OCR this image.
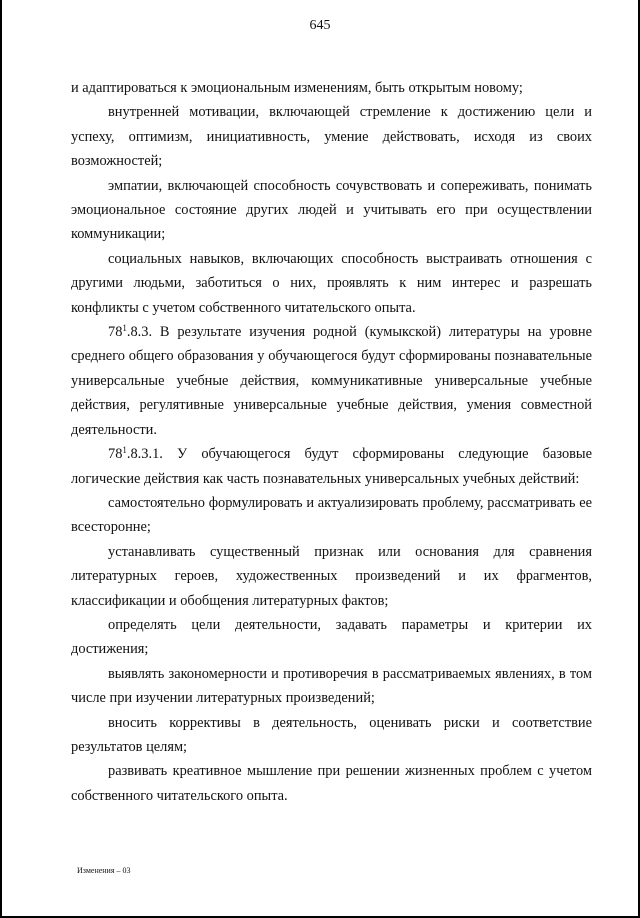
645

и адаптироваться к эмоциональным изменениям, быть открытым новому;

внутренней мотивации, включающей стремление к достижению цели и успеху, оптимизм, инициативность, умение действовать, исходя из своих возможностей;

эмпатии, включающей способность сочувствовать и сопереживать, понимать эмоциональное состояние других людей и учитывать его при осуществлении коммуникации;

социальных навыков, включающих способность выстраивать отношения с другими людьми, заботиться о них, проявлять к ним интерес и разрешать конфликты с учетом собственного читательского опыта.

$78^1.8.3$. В результате изучения родной (кумыкской) литературы на уровне среднего общего образования у обучающегося будут сформированы познавательные универсальные учебные действия, коммуникативные универсальные учебные действия, регулятивные универсальные учебные действия, умения совместной деятельности.

$78^1.8.3.1$. У обучающегося будут сформированы следующие базовые логические действия как часть познавательных универсальных учебных действий:

самостоятельно формулировать и актуализировать проблему, рассматривать ее всесторонне;

устанавливать существенный признак или основания для сравнения литературных героев, художественных произведений и их фрагментов, классификации и обобщения литературных фактов;

определять цели деятельности, задавать параметры и критерии их достижения;

выявлять закономерности и противоречия в рассматриваемых явлениях, в том числе при изучении литературных произведений;

вносить коррективы в деятельность, оценивать риски и соответствие результатов целям;

развивать креативное мышление при решении жизненных проблем с учетом собственного читательского опыта.

Изменения – 03
